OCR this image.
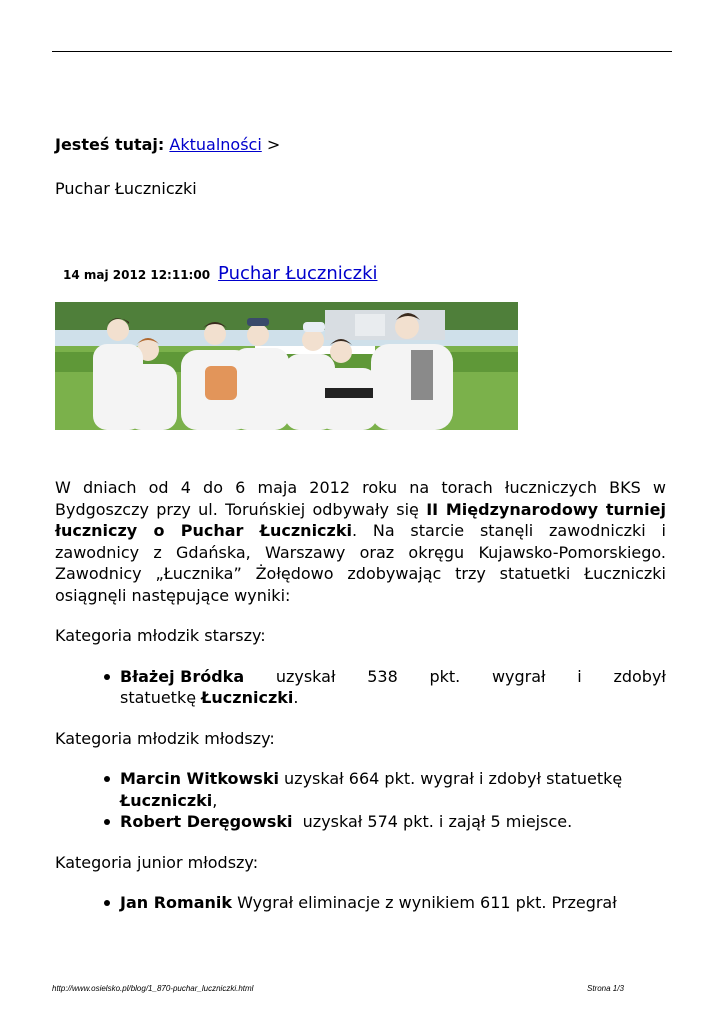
Jesteś tutaj: Aktualności >
Puchar Łuczniczki
14 maj 2012 12:11:00 Puchar Łuczniczki

W dniach od 4 do 6 maja 2012 roku na torach łuczniczych BKS w Bydgoszczy przy ul. Toruńskiej odbywały się II Międzynarodowy turniej łuczniczy o Puchar Łuczniczki. Na starcie stanęli zawodniczki i zawodnicy z Gdańska, Warszawy oraz okręgu Kujawsko-Pomorskiego. Zawodnicy „Łucznika” Żołędowo zdobywając trzy statuetki Łuczniczki osiągnęli następujące wyniki:

Kategoria młodzik starszy:

Błażej Bródka uzyskał 538 pkt. wygrał i zdobył
statuetkę Łuczniczki.

Kategoria młodzik młodszy:

Marcin Witkowski uzyskał 664 pkt. wygrał i zdobył statuetkę Łuczniczki,
Robert Deręgowski  uzyskał 574 pkt. i zajął 5 miejsce.

Kategoria junior młodszy:

Jan Romanik Wygrał eliminacje z wynikiem 611 pkt. Przegrał
http://www.osielsko.pl/blog/1_870-puchar_luczniczki.html	Strona 1/3
